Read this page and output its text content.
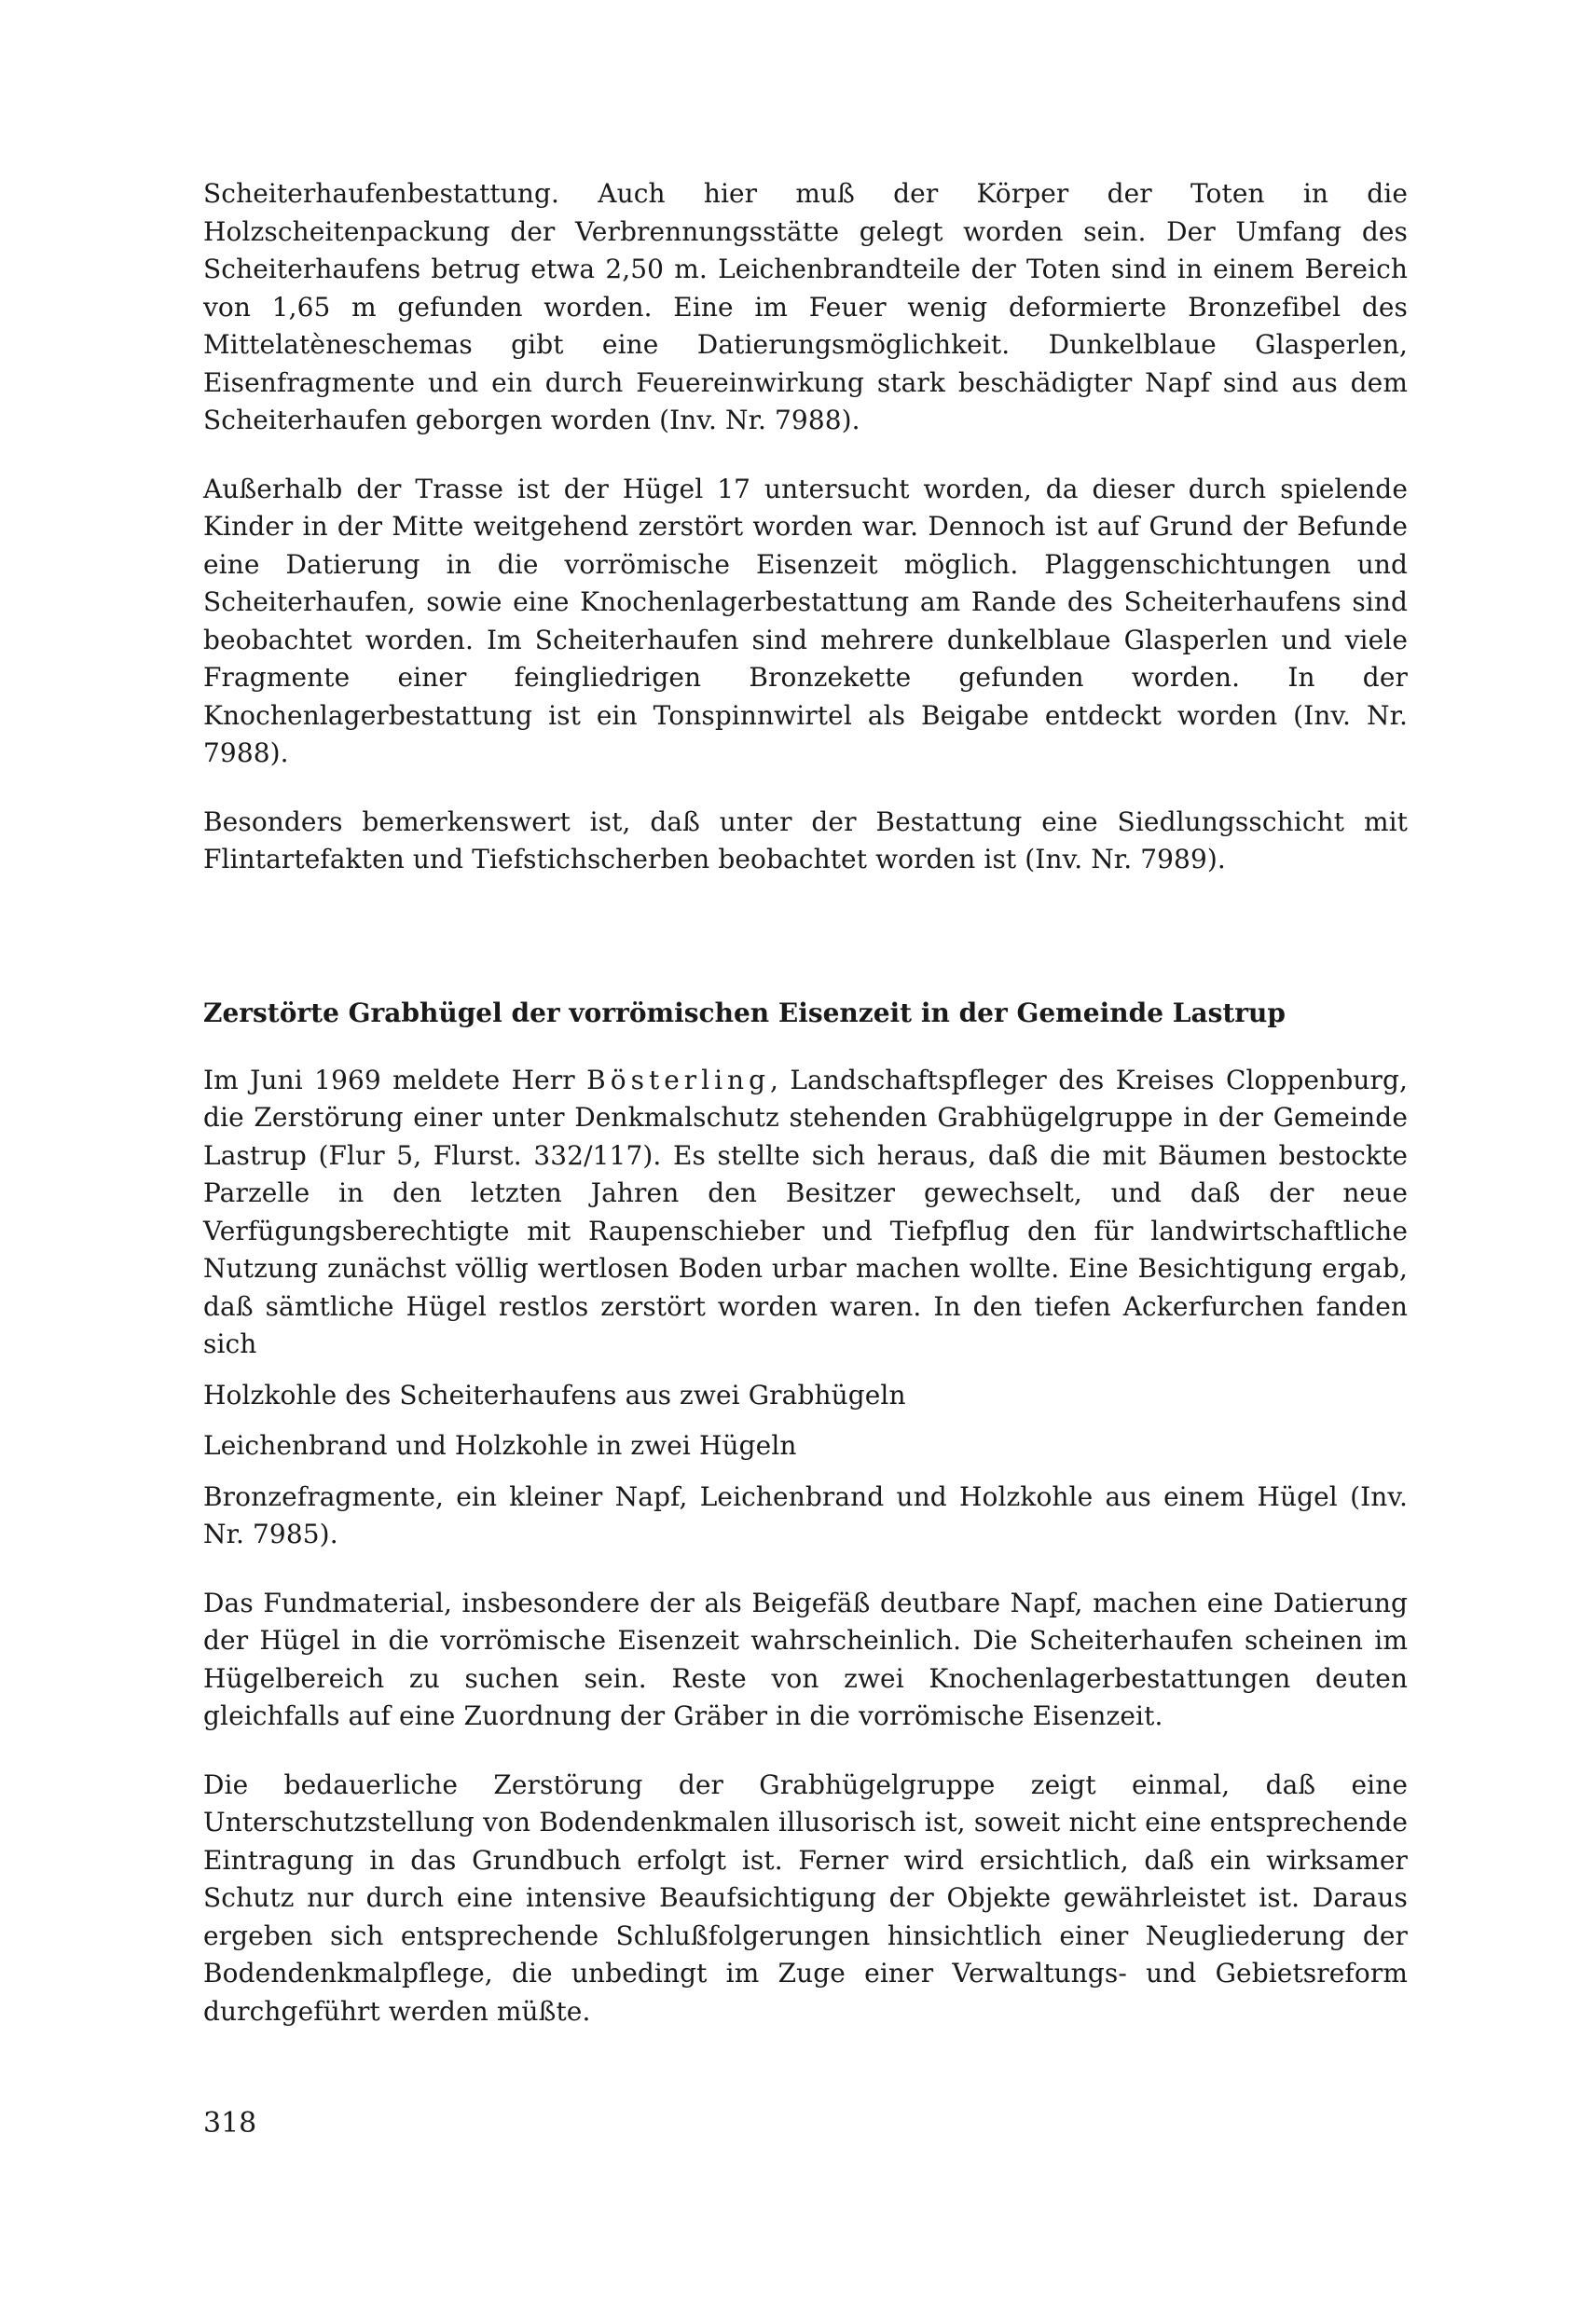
Scheiterhaufenbestattung. Auch hier muß der Körper der Toten in die Holzscheitenpackung der Verbrennungsstätte gelegt worden sein. Der Umfang des Scheiterhaufens betrug etwa 2,50 m. Leichenbrandteile der Toten sind in einem Bereich von 1,65 m gefunden worden. Eine im Feuer wenig deformierte Bronzefibel des Mittelatèneschemas gibt eine Datierungsmöglichkeit. Dunkelblaue Glasperlen, Eisenfragmente und ein durch Feuereinwirkung stark beschädigter Napf sind aus dem Scheiterhaufen geborgen worden (Inv. Nr. 7988).

Außerhalb der Trasse ist der Hügel 17 untersucht worden, da dieser durch spielende Kinder in der Mitte weitgehend zerstört worden war. Dennoch ist auf Grund der Befunde eine Datierung in die vorrömische Eisenzeit möglich. Plaggenschichtungen und Scheiterhaufen, sowie eine Knochenlagerbestattung am Rande des Scheiterhaufens sind beobachtet worden. Im Scheiterhaufen sind mehrere dunkelblaue Glasperlen und viele Fragmente einer feingliedrigen Bronzekette gefunden worden. In der Knochenlagerbestattung ist ein Tonspinnwirtel als Beigabe entdeckt worden (Inv. Nr. 7988).

Besonders bemerkenswert ist, daß unter der Bestattung eine Siedlungsschicht mit Flintartefakten und Tiefstichscherben beobachtet worden ist (Inv. Nr. 7989).

Zerstörte Grabhügel der vorrömischen Eisenzeit in der Gemeinde Lastrup

Im Juni 1969 meldete Herr Bösterling, Landschaftspfleger des Kreises Cloppenburg, die Zerstörung einer unter Denkmalschutz stehenden Grabhügelgruppe in der Gemeinde Lastrup (Flur 5, Flurst. 332/117). Es stellte sich heraus, daß die mit Bäumen bestockte Parzelle in den letzten Jahren den Besitzer gewechselt, und daß der neue Verfügungsberechtigte mit Raupenschieber und Tiefpflug den für landwirtschaftliche Nutzung zunächst völlig wertlosen Boden urbar machen wollte. Eine Besichtigung ergab, daß sämtliche Hügel restlos zerstört worden waren. In den tiefen Ackerfurchen fanden sich

Holzkohle des Scheiterhaufens aus zwei Grabhügeln

Leichenbrand und Holzkohle in zwei Hügeln

Bronzefragmente, ein kleiner Napf, Leichenbrand und Holzkohle aus einem Hügel (Inv. Nr. 7985).

Das Fundmaterial, insbesondere der als Beigefäß deutbare Napf, machen eine Datierung der Hügel in die vorrömische Eisenzeit wahrscheinlich. Die Scheiterhaufen scheinen im Hügelbereich zu suchen sein. Reste von zwei Knochenlagerbestattungen deuten gleichfalls auf eine Zuordnung der Gräber in die vorrömische Eisenzeit.

Die bedauerliche Zerstörung der Grabhügelgruppe zeigt einmal, daß eine Unterschutzstellung von Bodendenkmalen illusorisch ist, soweit nicht eine entsprechende Eintragung in das Grundbuch erfolgt ist. Ferner wird ersichtlich, daß ein wirksamer Schutz nur durch eine intensive Beaufsichtigung der Objekte gewährleistet ist. Daraus ergeben sich entsprechende Schlußfolgerungen hinsichtlich einer Neugliederung der Bodendenkmalpflege, die unbedingt im Zuge einer Verwaltungs- und Gebietsreform durchgeführt werden müßte.

318
